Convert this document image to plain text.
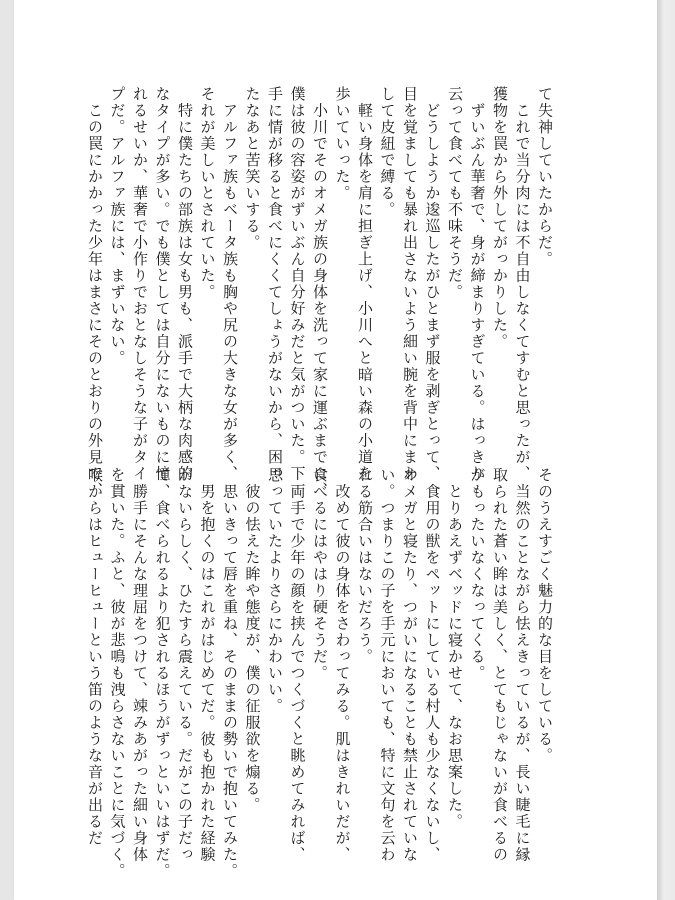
て失神していたからだ。
　これで当分肉には不自由しなくてすむと思ったが、
獲物を罠から外してがっかりした。
　ずいぶん華奢で、身が締まりすぎている。はっきり
云って食べても不味そうだ。
　どうしようか逡巡したがひとまず服を剥ぎとって、
目を覚ましても暴れ出さないよう細い腕を背中にまわ
して皮紐で縛る。
　軽い身体を肩に担ぎ上げ、小川へと暗い森の小道を
歩いていった。
　小川でそのオメガ族の身体を洗って家に運ぶまでに、
僕は彼の容姿がずいぶん自分好みだと気がついた。下
手に情が移ると食べにくくてしょうがないから、困っ
たなあと苦笑いする。
　アルファ族もベータ族も胸や尻の大きな女が多く、
それが美しいとされていた。
　特に僕たちの部族は女も男も、派手で大柄な肉感的
なタイプが多い。でも僕としては自分にないものに憧
れるせいか、華奢で小作りでおとなしそうな子がタイ
プだ。アルファ族には、まずいない。
　この罠にかかった少年はまさにそのとおりの外見で、
そのうえすごく魅力的な目をしている。
　当然のことながら怯えきっているが、長い睫毛に縁
取られた蒼い眸は美しく、とてもじゃないが食べるの
がもったいなくなってくる。
　とりあえずベッドに寝かせて、なお思案した。
　食用の獣をペットにしている村人も少なくないし、
オメガと寝たり、つがいになることも禁止されていな
い。つまりこの子を手元においても、特に文句を云わ
れる筋合いはないだろう。
　改めて彼の身体をさわってみる。肌はきれいだが、
食べるにはやはり硬そうだ。
　両手で少年の顔を挟んでつくづくと眺めてみれば、
思っていたよりさらにかわいい。
　彼の怯えた眸や態度が、僕の征服欲を煽る。
　思いきって唇を重ね、そのままの勢いで抱いてみた。
　男を抱くのはこれがはじめてだ。彼も抱かれた経験
がないらしく、ひたすら震えている。だがこの子だっ
て、食べられるより犯されるほうがずっといいはずだ。
　勝手にそんな理屈をつけて、竦みあがった細い身体
を貫いた。ふと、彼が悲鳴も洩らさないことに気づく。
喉からはヒューヒューという笛のような音が出るだ
